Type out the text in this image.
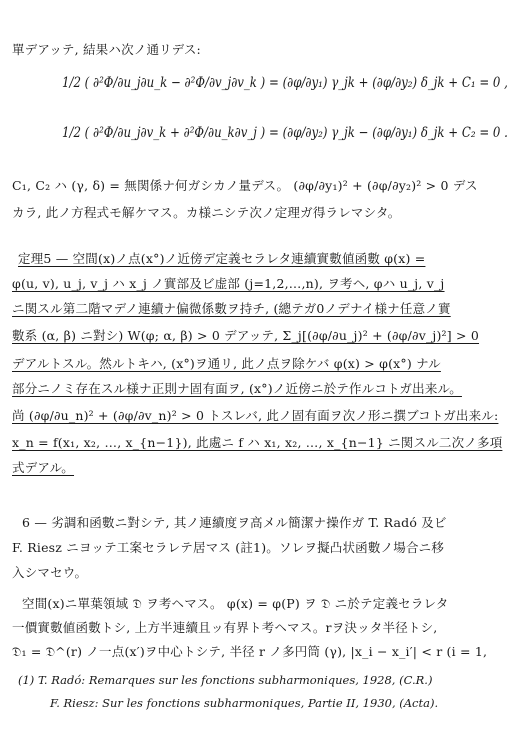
單デアッテ, 結果ハ次ノ通リデス:
1/2 ( ∂²Φ/∂u_j∂u_k − ∂²Φ/∂v_j∂v_k ) = (∂φ/∂y₁) γ_jk + (∂φ/∂y₂) δ_jk + C₁ = 0 ,
1/2 ( ∂²Φ/∂u_j∂v_k + ∂²Φ/∂u_k∂v_j ) = (∂φ/∂y₂) γ_jk − (∂φ/∂y₁) δ_jk + C₂ = 0 .
C₁, C₂ ハ (γ, δ) = 無関係ナ何ガシカノ量デス。 (∂φ/∂y₁)² + (∂φ/∂y₂)² > 0 デス
カラ, 此ノ方程式モ解ケマス。カ様ニシテ次ノ定理ガ得ラレマシタ。
定理5 — 空間(x)ノ点(x°)ノ近傍デ定義セラレタ連續實數値函數 φ(x) =
φ(u, v), u_j, v_j ハ x_j ノ實部及ビ虚部 (j=1,2,…,n), ヲ考ヘ, φハ u_j, v_j
ニ関スル第二階マデノ連續ナ偏微係數ヲ持チ, (總テガ0ノデナイ様ナ任意ノ實
數系 (α, β) ニ對シ) W(φ; α, β) > 0 デアッテ, Σ_j[(∂φ/∂u_j)² + (∂φ/∂v_j)²] > 0
デアルトスル。然ルトキハ, (x°)ヲ通リ, 此ノ点ヲ除ケバ φ(x) > φ(x°) ナル
部分ニノミ存在スル様ナ正則ナ固有面ヲ, (x°)ノ近傍ニ於テ作ルコトガ出来ル。
尚 (∂φ/∂u_n)² + (∂φ/∂v_n)² > 0 トスレバ, 此ノ固有面ヲ次ノ形ニ撰ブコトガ出来ル:
x_n = f(x₁, x₂, …, x_{n−1}), 此處ニ f ハ x₁, x₂, …, x_{n−1} ニ関スル二次ノ多項
式デアル。
6 — 劣調和函數ニ對シテ, 其ノ連續度ヲ高メル簡潔ナ操作ガ T. Radó 及ビ
F. Riesz ニヨッテ工案セラレテ居マス (註1)。ソレヲ擬凸状函數ノ場合ニ移
入シマセウ。
空間(x)ニ單葉領域 𝔇 ヲ考ヘマス。 φ(x) = φ(P) ヲ 𝔇 ニ於テ定義セラレタ
一價實數値函數トシ, 上方半連續且ッ有界ト考ヘマス。rヲ決ッタ半径トシ,
𝔇₁ = 𝔇^(r) ノ一点(x′)ヲ中心トシテ, 半径 r ノ多円筒 (γ), |x_i − x_i′| < r (i = 1,
(1) T. Radó: Remarques sur les fonctions subharmoniques, 1928, (C.R.)
F. Riesz: Sur les fonctions subharmoniques, Partie II, 1930, (Acta).
